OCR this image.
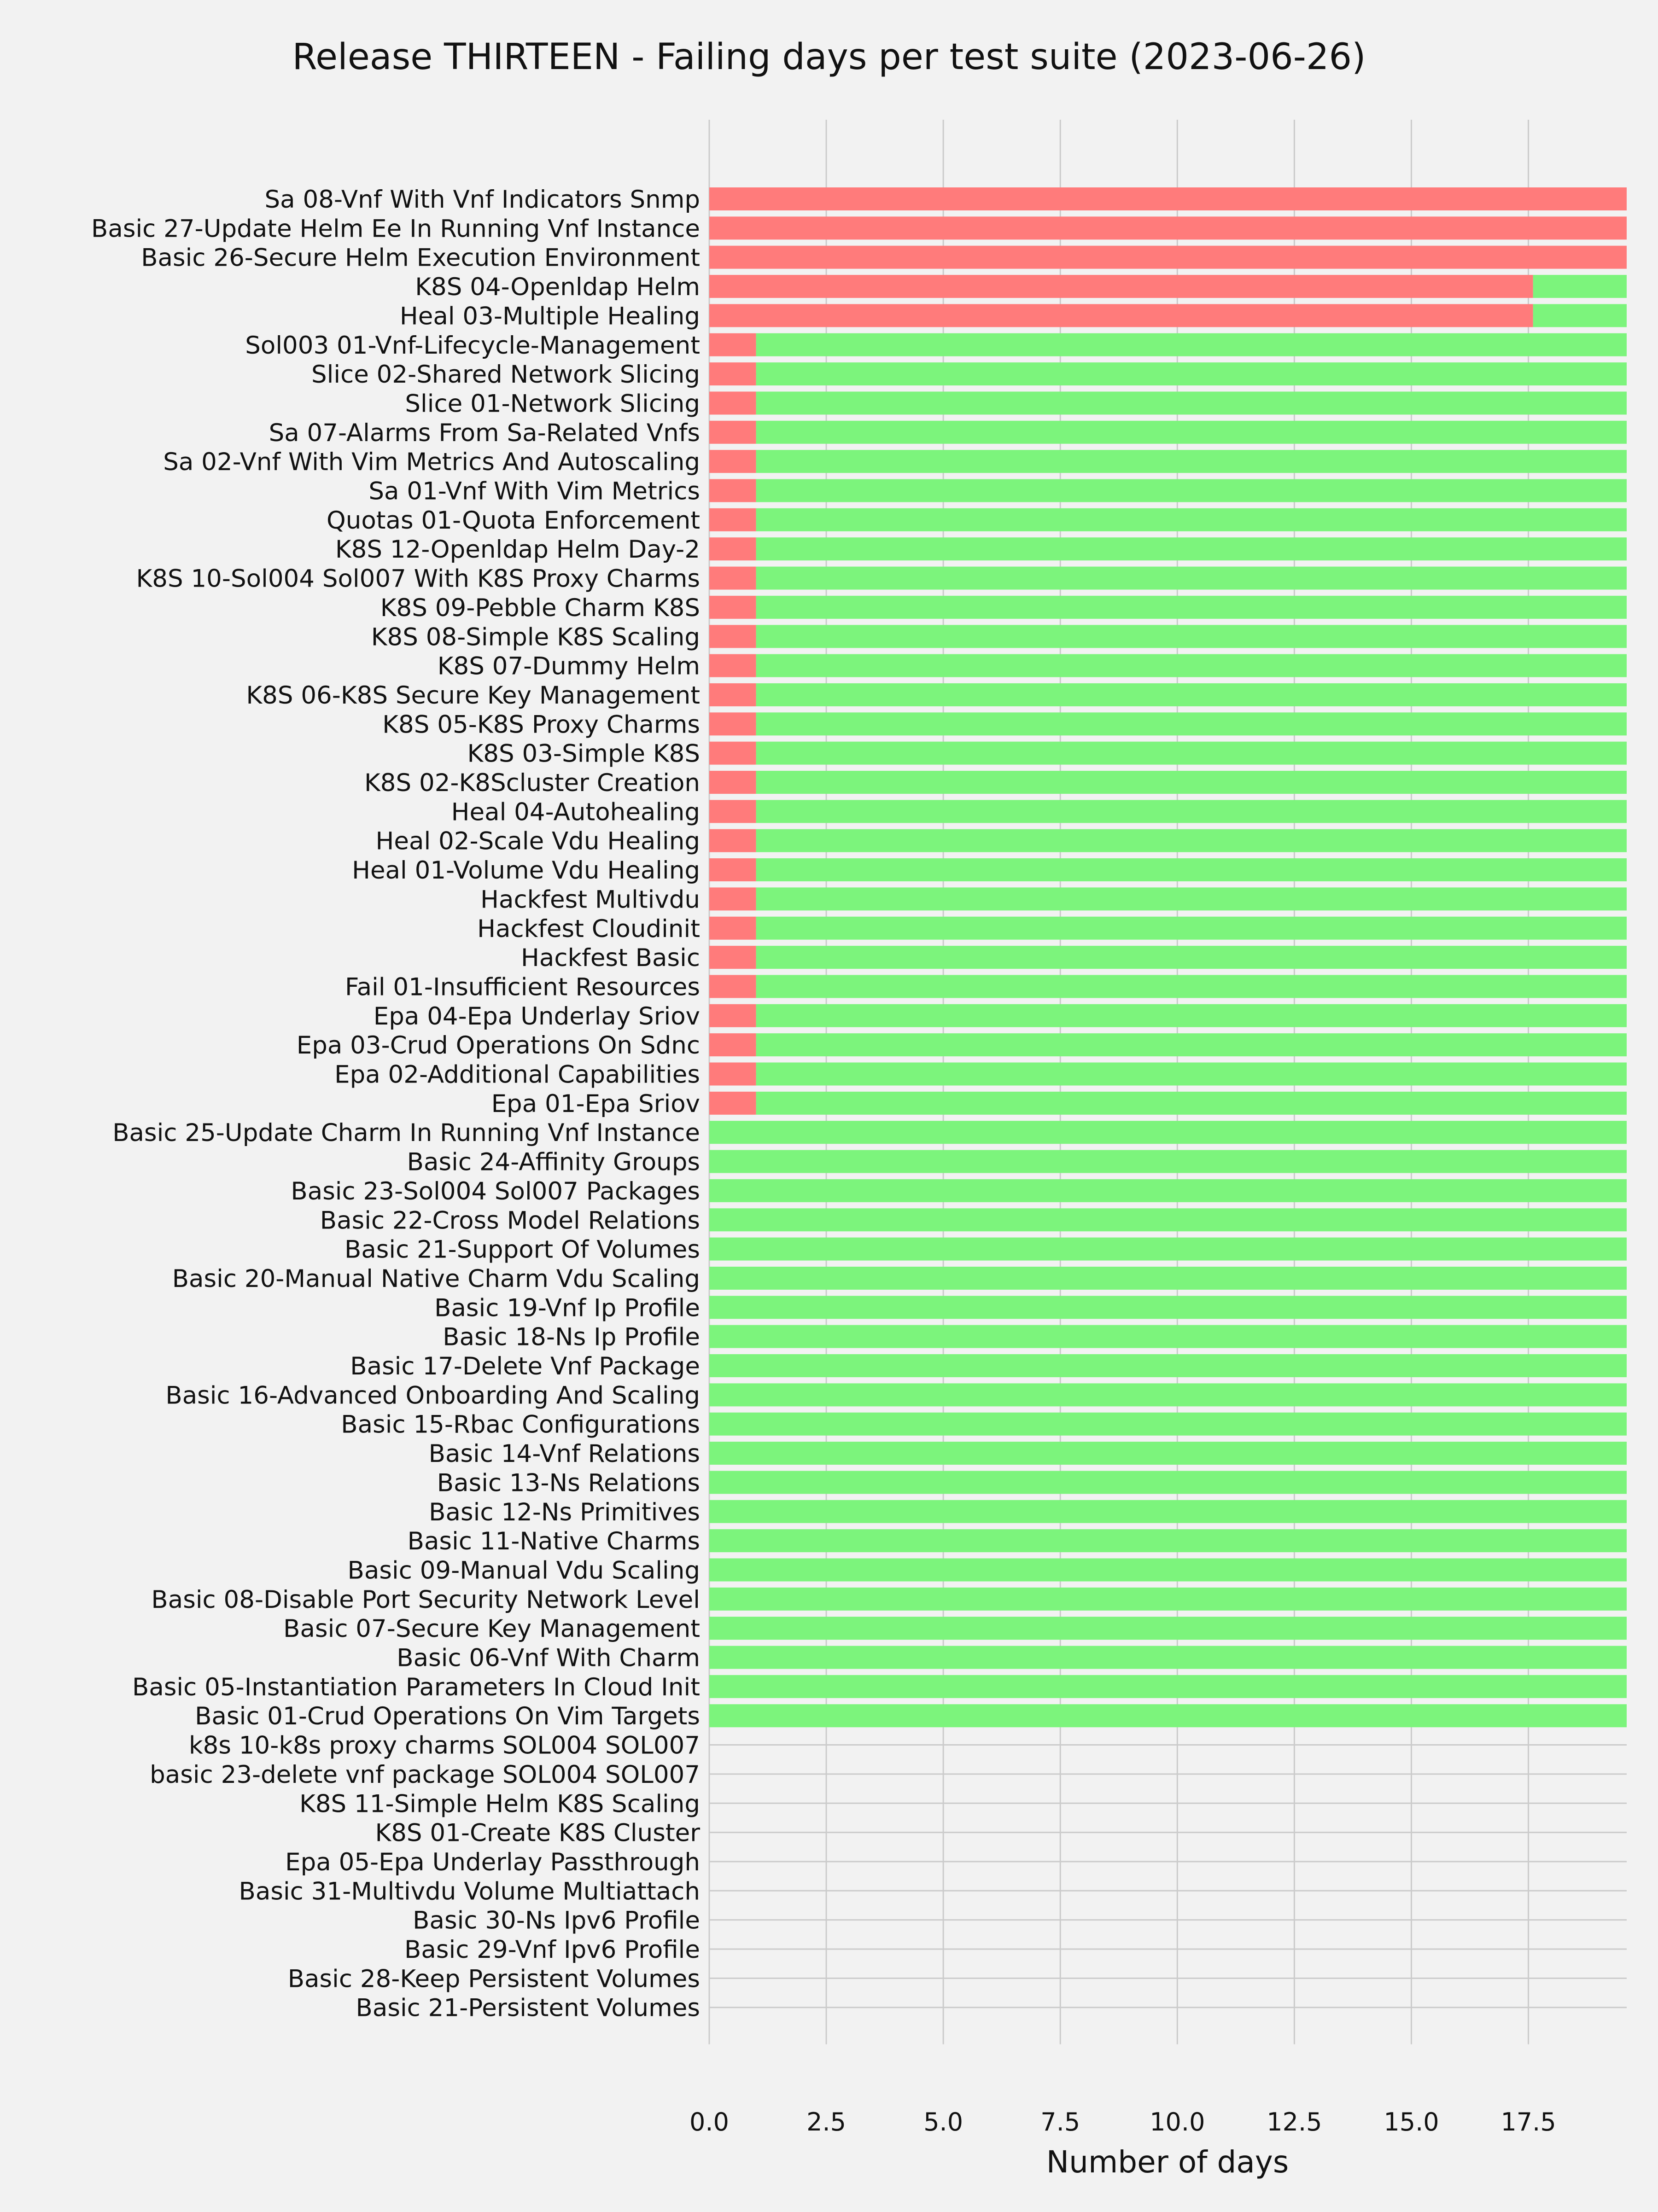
Release THIRTEEN - Failing days per test suite (2023-06-26)
Sa 08-Vnf With Vnf Indicators Snmp
Basic 27-Update Helm Ee In Running Vnf Instance
Basic 26-Secure Helm Execution Environment
K8S 04-Openldap Helm
Heal 03-Multiple Healing
Sol003 01-Vnf-Lifecycle-Management
Slice 02-Shared Network Slicing
Slice 01-Network Slicing
Sa 07-Alarms From Sa-Related Vnfs
Sa 02-Vnf With Vim Metrics And Autoscaling
Sa 01-Vnf With Vim Metrics
Quotas 01-Quota Enforcement
K8S 12-Openldap Helm Day-2
K8S 10-Sol004 Sol007 With K8S Proxy Charms
K8S 09-Pebble Charm K8S
K8S 08-Simple K8S Scaling
K8S 07-Dummy Helm
K8S 06-K8S Secure Key Management
K8S 05-K8S Proxy Charms
K8S 03-Simple K8S
K8S 02-K8Scluster Creation
Heal 04-Autohealing
Heal 02-Scale Vdu Healing
Heal 01-Volume Vdu Healing
Hackfest Multivdu
Hackfest Cloudinit
Hackfest Basic
Fail 01-Insufficient Resources
Epa 04-Epa Underlay Sriov
Epa 03-Crud Operations On Sdnc
Epa 02-Additional Capabilities
Epa 01-Epa Sriov
Basic 25-Update Charm In Running Vnf Instance
Basic 24-Affinity Groups
Basic 23-Sol004 Sol007 Packages
Basic 22-Cross Model Relations
Basic 21-Support Of Volumes
Basic 20-Manual Native Charm Vdu Scaling
Basic 19-Vnf Ip Profile
Basic 18-Ns Ip Profile
Basic 17-Delete Vnf Package
Basic 16-Advanced Onboarding And Scaling
Basic 15-Rbac Configurations
Basic 14-Vnf Relations
Basic 13-Ns Relations
Basic 12-Ns Primitives
Basic 11-Native Charms
Basic 09-Manual Vdu Scaling
Basic 08-Disable Port Security Network Level
Basic 07-Secure Key Management
Basic 06-Vnf With Charm
Basic 05-Instantiation Parameters In Cloud Init
Basic 01-Crud Operations On Vim Targets
k8s 10-k8s proxy charms SOL004 SOL007
basic 23-delete vnf package SOL004 SOL007
K8S 11-Simple Helm K8S Scaling
K8S 01-Create K8S Cluster
Epa 05-Epa Underlay Passthrough
Basic 31-Multivdu Volume Multiattach
Basic 30-Ns Ipv6 Profile
Basic 29-Vnf Ipv6 Profile
Basic 28-Keep Persistent Volumes
Basic 21-Persistent Volumes
0.0	2.5	5.0	7.5	10.0 12.5 15.0 17.5
Number of days
